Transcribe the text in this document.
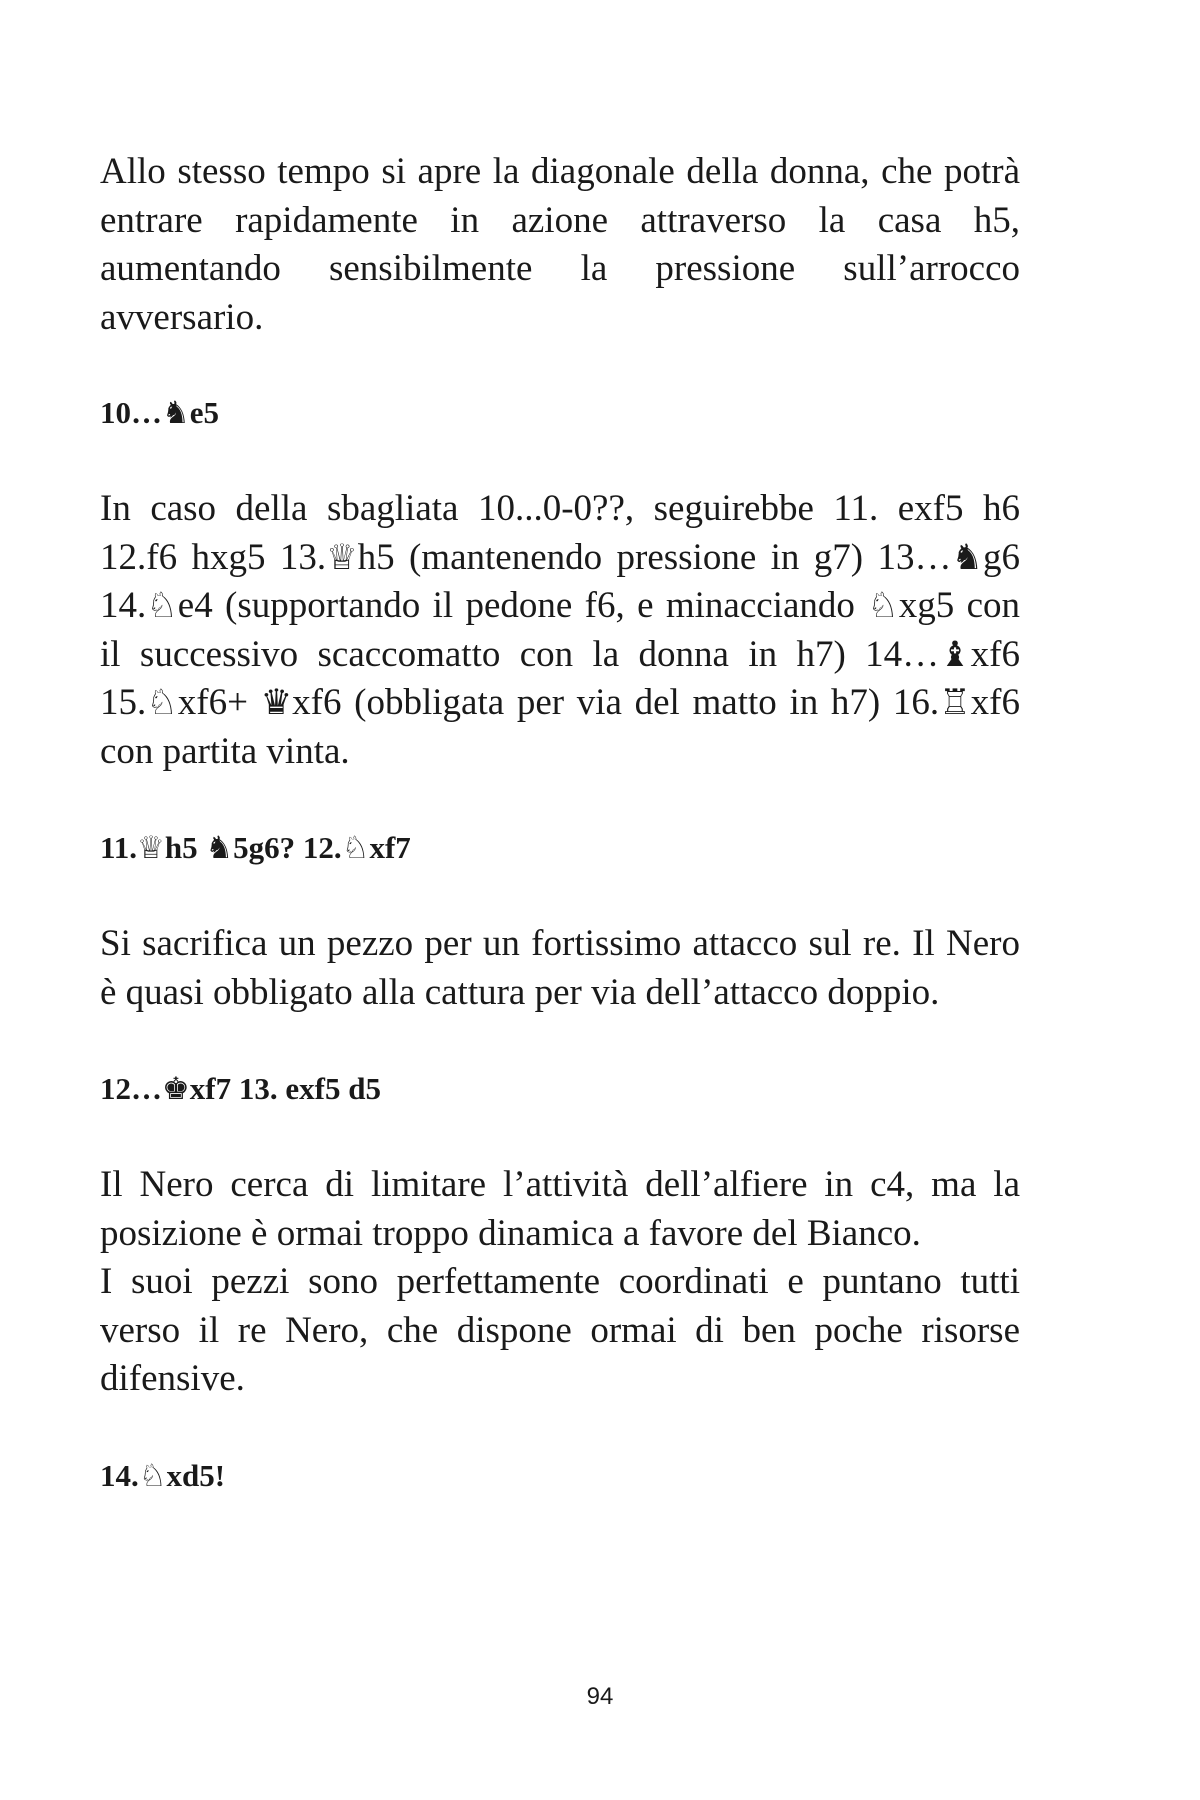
Allo stesso tempo si apre la diagonale della donna, che potrà entrare rapidamente in azione attraverso la casa h5, aumentando sensibilmente la pressione sull’arrocco avversario.

10…♞e5

In caso della sbagliata 10...0-0??, seguirebbe 11. exf5 h6 12.f6 hxg5 13.♕h5 (mantenendo pressione in g7) 13…♞g6 14.♘e4 (supportando il pedone f6, e minacciando ♘xg5 con il successivo scaccomatto con la donna in h7) 14…♝xf6 15.♘xf6+ ♛xf6 (obbligata per via del matto in h7) 16.♖xf6 con partita vinta.

11.♕h5 ♞5g6? 12.♘xf7

Si sacrifica un pezzo per un fortissimo attacco sul re. Il Nero è quasi obbligato alla cattura per via dell’attacco doppio.

12…♚xf7 13. exf5 d5

Il Nero cerca di limitare l’attività dell’alfiere in c4, ma la posizione è ormai troppo dinamica a favore del Bianco.
I suoi pezzi sono perfettamente coordinati e puntano tutti verso il re Nero, che dispone ormai di ben poche risorse difensive.

14.♘xd5!

94
